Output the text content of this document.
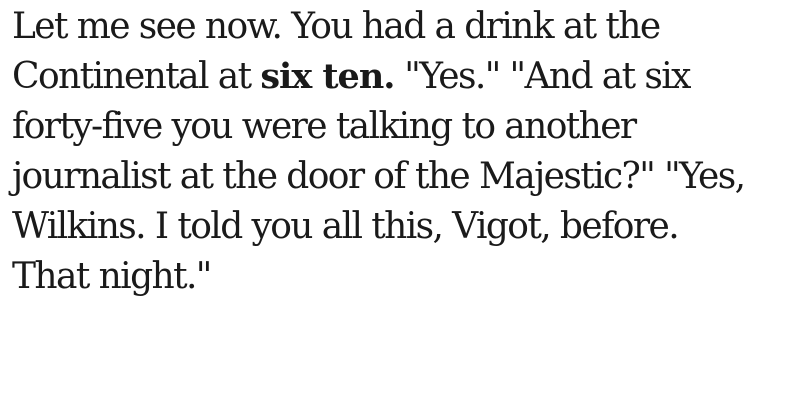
Let me see now. You had a drink at the
Continental at six ten. "Yes." "And at six
forty-five you were talking to another
journalist at the door of the Majestic?" "Yes,
Wilkins. I told you all this, Vigot, before.
That night."
